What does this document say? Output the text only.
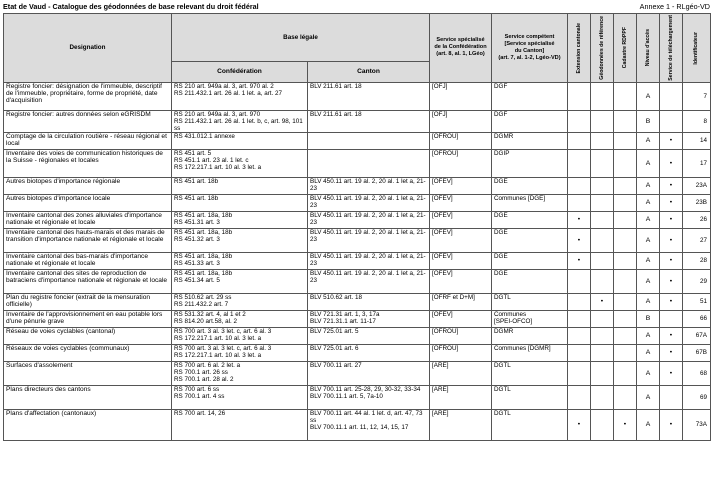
Etat de Vaud - Catalogue des géodonnées de base relevant du droit fédéral	Annexe 1 - RLgéo-VD
Designation	Base légale		Service spécialisé
de la Confédération
(art. 8, al. 1, LGéo)	Service compétent
[Service spécialisé
du Canton]
(art. 7, al. 1-2, Lgéo-VD)	Extension cantonale	Géodonnées de référence	Cadastre RDPPF	Niveau d'accès	Service de téléchargement	Identificateur

	Confédération	Canton								
Registre foncier: désignation de l'immeuble, descriptif de l'immeuble, propriétaire, forme de propriété, date d'acquisition	RS 210 art. 949a al. 3, art. 970 al. 2
RS 211.432.1 art. 26 al. 1 let. a, art. 27	BLV 211.61 art. 18	[OFJ]	DGF				A		7
Registre foncier: autres données selon eGRISDM	RS 210 art. 949a al. 3, art. 970
RS 211.432.1 art. 26 al. 1 let. b, c, art. 98, 101 ss	BLV 211.61 art. 18	[OFJ]	DGF				B		8
Comptage de la circulation routière - réseau régional et local	RS 431.012.1 annexe		[OFROU]	DGMR				A	•	14
Inventaire des voies de communication historiques de la Suisse - régionales et locales	RS 451 art. 5
RS 451.1 art. 23 al. 1 let. c
RS 172.217.1 art. 10 al. 3 let. a		[OFROU]	DGIP				A	•	17
Autres biotopes d'importance régionale	RS 451 art. 18b	BLV 450.11 art. 19 al. 2, 20 al. 1 let a, 21-23	[OFEV]	DGE				A	•	23A
Autres biotopes d'importance locale	RS 451 art. 18b	BLV 450.11 art. 19 al. 2, 20 al. 1 let a, 21-23	[OFEV]	Communes [DGE]				A	•	23B
Inventaire cantonal des zones alluviales d'importance nationale et régionale et locale	RS 451 art. 18a, 18b
RS 451.31 art. 3	BLV 450.11 art. 19 al. 2, 20 al. 1 let a, 21-23	[OFEV]	DGE	•			A	•	26
Inventaire cantonal des hauts-marais et des marais de transition d'importance nationale et régionale et locale	RS 451 art. 18a, 18b
RS 451.32 art. 3	BLV 450.11 art. 19 al. 2, 20 al. 1 let a, 21-23	[OFEV]	DGE	•			A	•	27
Inventaire cantonal des bas-marais d'importance nationale et régionale et locale	RS 451 art. 18a, 18b
RS 451.33 art. 3	BLV 450.11 art. 19 al. 2, 20 al. 1 let a, 21-23	[OFEV]	DGE	•			A	•	28
Inventaire cantonal des sites de reproduction de batraciens d'importance nationale et régionale et locale	RS 451 art. 18a, 18b
RS 451.34 art. 5	BLV 450.11 art. 19 al. 2, 20 al. 1 let a, 21-23	[OFEV]	DGE				A	•	29
Plan du registre foncier (extrait de la mensuration officielle)	RS 510.62 art. 29 ss
RS 211.432.2 art. 7	BLV 510.62 art. 18	[OFRF et D+M]	DGTL		•		A	•	51
Inventaire de l'approvisionnement en eau potable lors d'une pénurie grave	RS 531.32 art. 4, al 1 et 2
RS 814.20 art.58, al. 2	BLV 721.31 art. 1, 3, 17a
BLV 721.31.1 art. 11-17	[OFEV]	Communes
[SPEI-OFCO]				B		66
Réseau de voies cyclables (cantonal)	RS 700 art. 3 al. 3 let. c, art. 6 al. 3
RS 172.217.1 art. 10 al. 3 let. a	BLV 725.01 art. 5	[OFROU]	DGMR				A	•	67A
Réseaux de voies cyclables (communaux)	RS 700 art. 3 al. 3 let. c, art. 6 al. 3
RS 172.217.1 art. 10 al. 3 let. a	BLV 725.01 art. 6	[OFROU]	Communes [DGMR]				A	•	67B
Surfaces d'assolement	RS 700 art. 6 al. 2 let. a
RS 700.1 art. 26 ss
RS 700.1 art. 28 al. 2	BLV 700.11 art. 27	[ARE]	DGTL				A	•	68
Plans directeurs des cantons	RS 700 art. 6 ss
RS 700.1 art. 4 ss	BLV 700.11 art. 25-28, 29, 30-32, 33-34
BLV 700.11.1 art. 5, 7a-10	[ARE]	DGTL				A		69
Plans d'affectation (cantonaux)	RS 700 art. 14, 26	BLV 700.11 art. 44 al. 1 let. d, art. 47, 73 ss
BLV 700.11.1 art. 11, 12, 14, 15, 17	[ARE]	DGTL	•		•	A	•	73A
